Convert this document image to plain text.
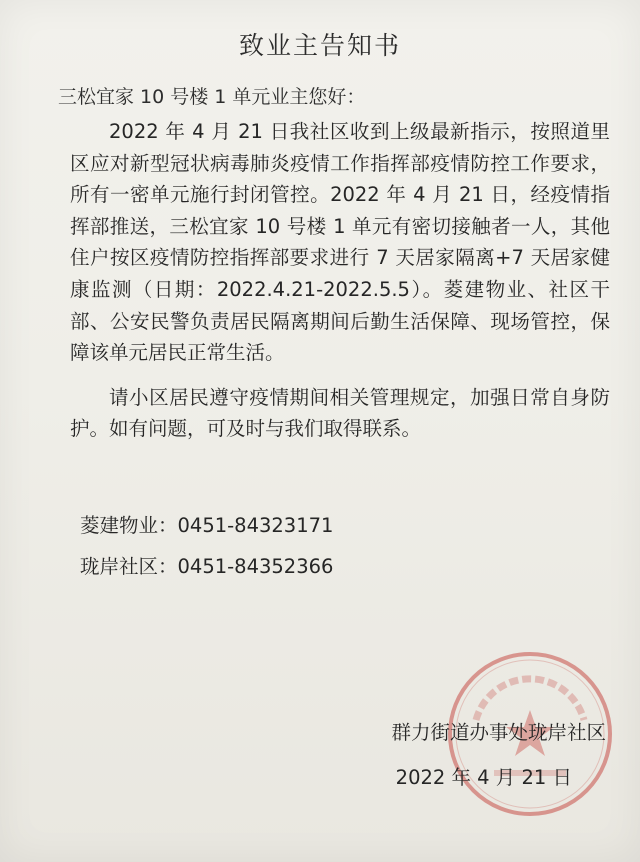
致业主告知书
三松宜家 10 号楼 1 单元业主您好：

2022 年 4 月 21 日我社区收到上级最新指示，按照道里区应对新型冠状病毒肺炎疫情工作指挥部疫情防控工作要求，所有一密单元施行封闭管控。2022 年 4 月 21 日，经疫情指挥部推送，三松宜家 10 号楼 1 单元有密切接触者一人，其他住户按区疫情防控指挥部要求进行 7 天居家隔离+7 天居家健康监测（日期：2022.4.21-2022.5.5）。菱建物业、社区干部、公安民警负责居民隔离期间后勤生活保障、现场管控，保障该单元居民正常生活。

请小区居民遵守疫情期间相关管理规定，加强日常自身防护。如有问题，可及时与我们取得联系。

菱建物业：0451-84323171
珑岸社区：0451-84352366
群力街道办事处珑岸社区
2022 年 4 月 21 日
